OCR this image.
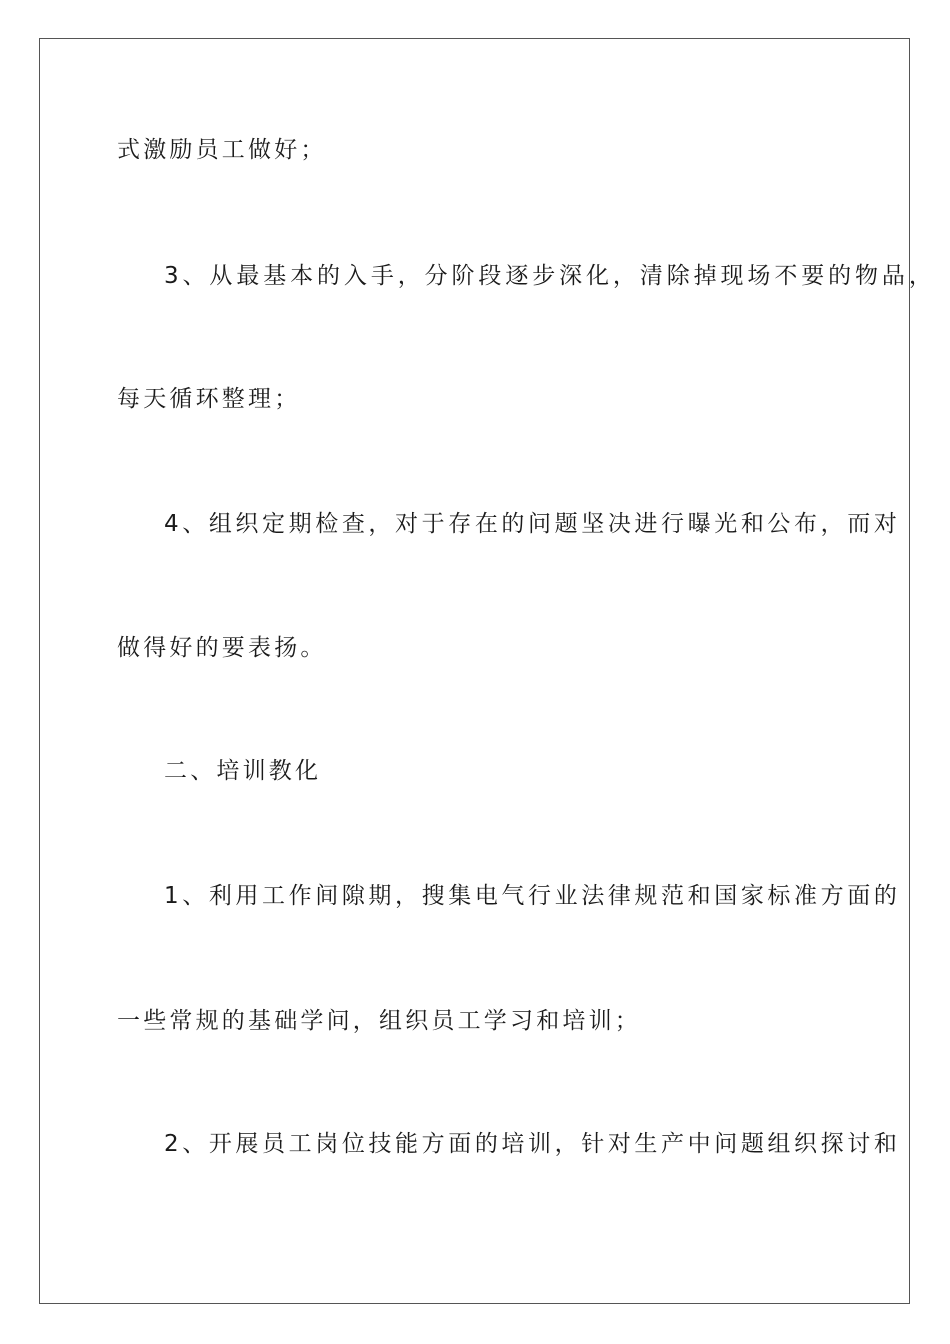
式激励员工做好；
3、从最基本的入手，分阶段逐步深化，清除掉现场不要的物品，
每天循环整理；
4、组织定期检查，对于存在的问题坚决进行曝光和公布，而对
做得好的要表扬。
二、培训教化
1、利用工作间隙期，搜集电气行业法律规范和国家标准方面的
一些常规的基础学问，组织员工学习和培训；
2、开展员工岗位技能方面的培训，针对生产中问题组织探讨和
